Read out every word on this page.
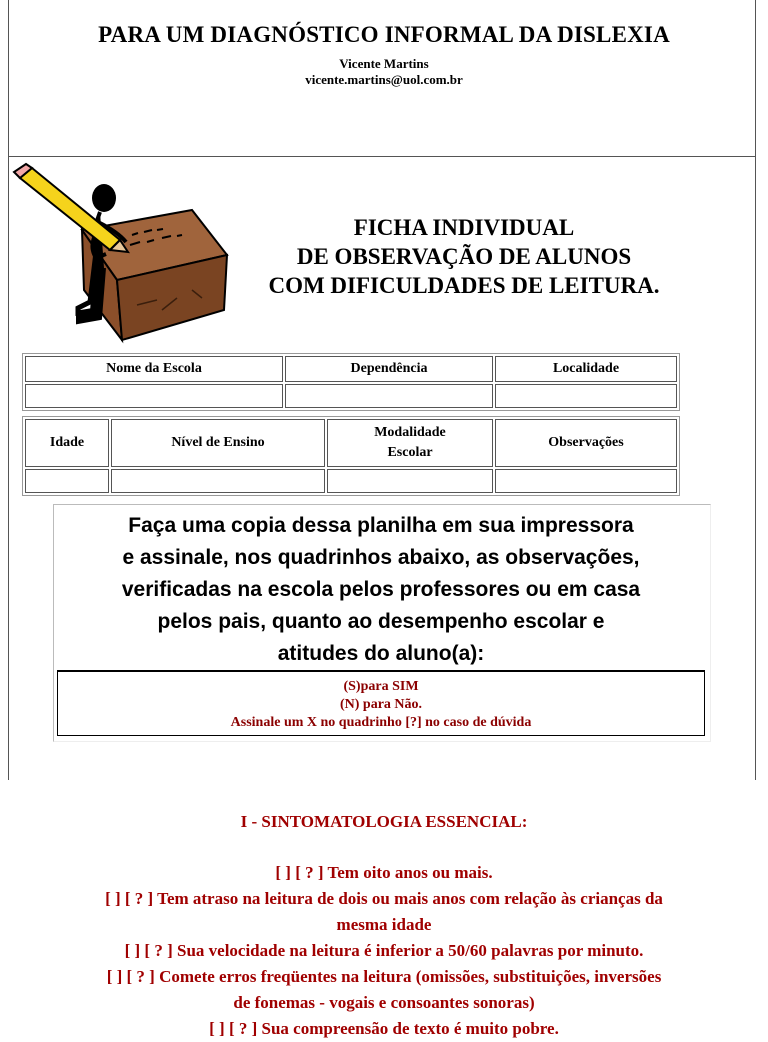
PARA UM DIAGNÓSTICO INFORMAL DA DISLEXIA
Vicente Martins
vicente.martins@uol.com.br
FICHA INDIVIDUAL
DE OBSERVAÇÃO DE ALUNOS
COM DIFICULDADES DE LEITURA.
Nome da Escola	Dependência	Localidade

Idade	Nível de Ensino	Modalidade Escolar	Observações

Faça uma copia dessa planilha em sua impressora
e assinale, nos quadrinhos abaixo, as observações,
verificadas na escola pelos professores ou em casa
pelos pais, quanto ao desempenho escolar e
atitudes do aluno(a):
(S)para SIM
(N) para Não.
Assinale um X no quadrinho [?] no caso de dúvida
I - SINTOMATOLOGIA ESSENCIAL:
[ ] [ ? ] Tem oito anos ou mais.
[ ] [ ? ] Tem atraso na leitura de dois ou mais anos com relação às crianças da
mesma idade
[ ] [ ? ] Sua velocidade na leitura é inferior a 50/60 palavras por minuto.
[ ] [ ? ] Comete erros freqüentes na leitura (omissões, substituições, inversões
de fonemas - vogais e consoantes sonoras)
[ ] [ ? ] Sua compreensão de texto é muito pobre.
